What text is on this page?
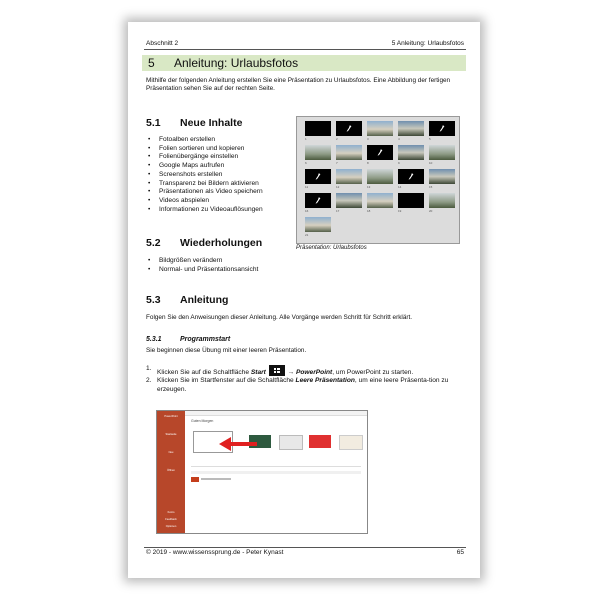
Abschnitt 2	5 Anleitung: Urlaubsfotos
5 Anleitung: Urlaubsfotos
Mithilfe der folgenden Anleitung erstellen Sie eine Präsentation zu Urlaubsfotos. Eine Abbildung der fertigen Präsentation sehen Sie auf der rechten Seite.
5.1 Neue Inhalte
• Fotoalben erstellen
• Folien sortieren und kopieren
• Folienübergänge einstellen
• Google Maps aufrufen
• Screenshots erstellen
• Transparenz bei Bildern aktivieren
• Präsentationen als Video speichern
• Videos abspielen
• Informationen zu Videoauflösungen
1	2	3	4	5
6	7	8	9	10
11	12	13	14	15
16	17	18	19	20
21
Präsentation: Urlaubsfotos
5.2 Wiederholungen
• Bildgrößen verändern
• Normal- und Präsentationsansicht
5.3 Anleitung
Folgen Sie den Anweisungen dieser Anleitung. Alle Vorgänge werden Schritt für Schritt erklärt.
5.3.1	Programmstart
Sie beginnen diese Übung mit einer leeren Präsentation.
1.
Klicken Sie auf die Schaltfläche Start	→ PowerPoint, um PowerPoint zu starten.
2. Klicken Sie im Startfenster auf die Schaltfläche Leere Präsentation, um eine leere Präsenta-tion zu erzeugen.
PowerPoint
Startseite
Neu
Öffnen
Konto
Feedback
Optionen
Guten Morgen
© 2019 - www.wissenssprung.de - Peter Kynast	65
